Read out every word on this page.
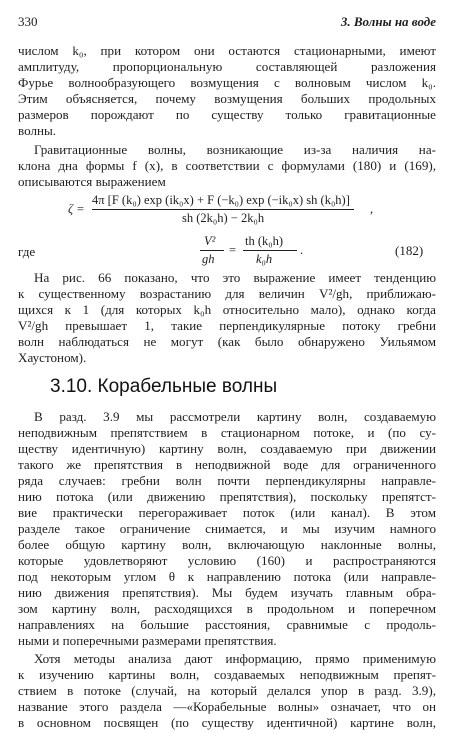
330	3. Волны на воде
числом k₀, при котором они остаются стационарными, имеют
амплитуду, пропорциональную составляющей разложения
Фурье волнообразующего возмущения с волновым числом k₀.
Этим объясняется, почему возмущения больших продольных
размеров порождают по существу только гравитационные
волны.
Гравитационные волны, возникающие из-за наличия на-
клона дна формы f (x), в соответствии с формулами (180) и (169),
описываются выражением
ζ =
4π [F (k₀) exp (ik₀x) + F (−k₀) exp (−ik₀x) sh (k₀h)]
sh (2k₀h) − 2k₀h
,
где
V²
gh
=
th (k₀h)
k₀h
.	(182)
На рис. 66 показано, что это выражение имеет тенденцию
к существенному возрастанию для величин V²/gh, приближаю-
щихся к 1 (для которых k₀h относительно мало), однако когда
V²/gh превышает 1, такие перпендикулярные потоку гребни
волн наблюдаться не могут (как было обнаружено Уильямом
Хаустоном).
3.10. Корабельные волны
В разд. 3.9 мы рассмотрели картину волн, создаваемую
неподвижным препятствием в стационарном потоке, и (по су-
ществу идентичную) картину волн, создаваемую при движении
такого же препятствия в неподвижной воде для ограниченного
ряда случаев: гребни волн почти перпендикулярны направле-
нию потока (или движению препятствия), поскольку препятст-
вие практически перегораживает поток (или канал). В этом
разделе такое ограничение снимается, и мы изучим намного
более общую картину волн, включающую наклонные волны,
которые удовлетворяют условию (160) и распространяются
под некоторым углом θ к направлению потока (или направле-
нию движения препятствия). Мы будем изучать главным обра-
зом картину волн, расходящихся в продольном и поперечном
направлениях на большие расстояния, сравнимые с продоль-
ными и поперечными размерами препятствия.
Хотя методы анализа дают информацию, прямо применимую
к изучению картины волн, создаваемых неподвижным препят-
ствием в потоке (случай, на который делался упор в разд. 3.9),
название этого раздела —«Корабельные волны» означает, что он
в основном посвящен (по существу идентичной) картине волн,
